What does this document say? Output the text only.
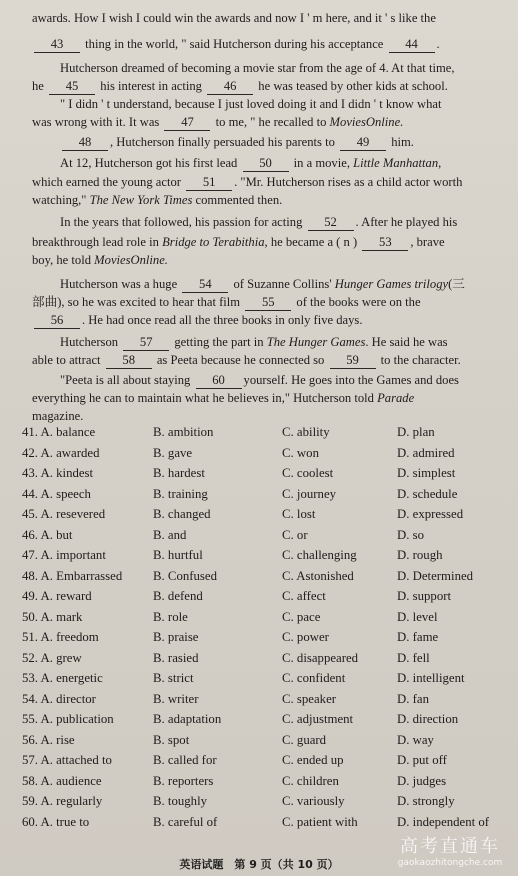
awards. How I wish I could win the awards and now I ' m here, and it ' s like the
43 thing in the world, " said Hutcherson during his acceptance 44 .
Hutcherson dreamed of becoming a movie star from the age of 4. At that time,
he 45 his interest in acting 46 he was teased by other kids at school.
" I didn ' t understand, because I just loved doing it and I didn ' t know what
was wrong with it. It was 47 to me, " he recalled to MoviesOnline.
48 , Hutcherson finally persuaded his parents to 49 him.
At 12, Hutcherson got his first lead 50 in a movie, Little Manhattan,
which earned the young actor 51 . "Mr. Hutcherson rises as a child actor worth
watching," The New York Times commented then.
In the years that followed, his passion for acting 52 . After he played his
breakthrough lead role in Bridge to Terabithia, he became a ( n ) 53 , brave
boy, he told MoviesOnline.
Hutcherson was a huge 54 of Suzanne Collins' Hunger Games trilogy(三
部曲), so he was excited to hear that film 55 of the books were on the
56 . He had once read all the three books in only five days.
Hutcherson 57 getting the part in The Hunger Games. He said he was
able to attract 58 as Peeta because he connected so 59 to the character.
"Peeta is all about staying 60 yourself. He goes into the Games and does
everything he can to maintain what he believes in," Hutcherson told Parade
magazine.
41. A. balance	B. ambition	C. ability	D. plan
42. A. awarded	B. gave	C. won	D. admired
43. A. kindest	B. hardest	C. coolest	D. simplest
44. A. speech	B. training	C. journey	D. schedule
45. A. resevered	B. changed	C. lost	D. expressed
46. A. but	B. and	C. or	D. so
47. A. important	B. hurtful	C. challenging	D. rough
48. A. Embarrassed B. Confused	C. Astonished	D. Determined
49. A. reward	B. defend	C. affect	D. support
50. A. mark	B. role	C. pace	D. level
51. A. freedom	B. praise	C. power	D. fame
52. A. grew	B. rasied	C. disappeared	D. fell
53. A. energetic	B. strict	C. confident	D. intelligent
54. A. director	B. writer	C. speaker	D. fan
55. A. publication	B. adaptation	C. adjustment	D. direction
56. A. rise	B. spot	C. guard	D. way
57. A. attached to	B. called for	C. ended up	D. put off
58. A. audience	B. reporters	C. children	D. judges
59. A. regularly	B. toughly	C. variously	D. strongly
60. A. true to	B. careful of	C. patient with	D. independent of
英语试题　第 9 页（共 10 页）
高考直通车
gaokaozhitongche.com
